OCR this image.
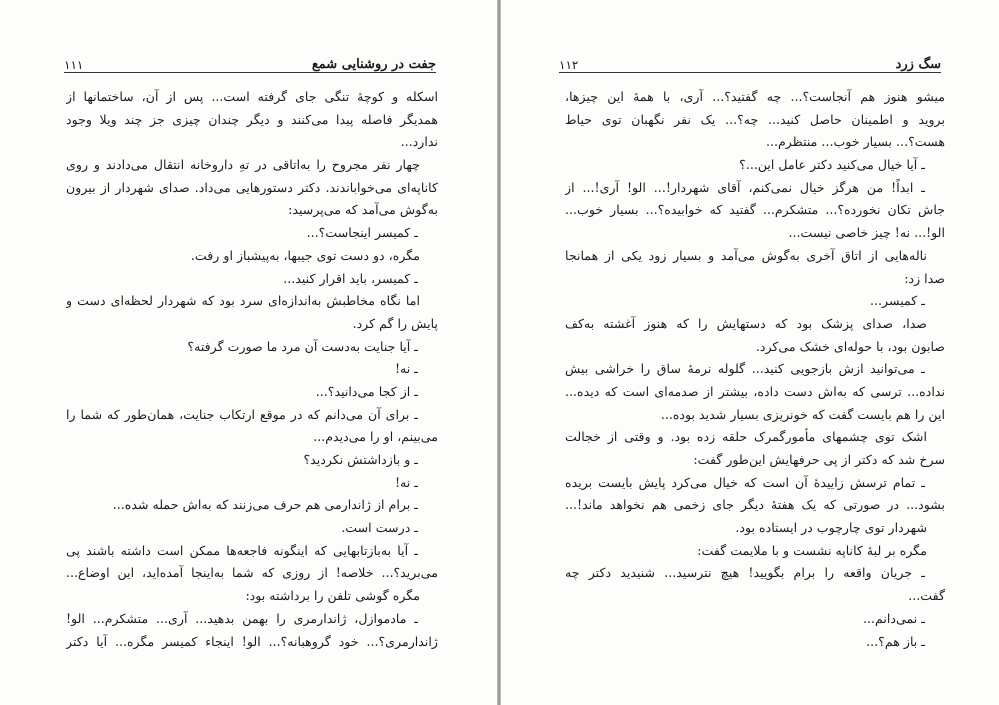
جفت در روشنایی شمع
۱۱۱
اسکله و کوچهٔ تنگی جای گرفته است... پس از آن، ساختمانها از
همدیگر فاصله پیدا می‌کنند و دیگر چندان چیزی جز چند ویلا وجود
ندارد...
چهار نفر مجروح را به‌اتاقی در تهِ داروخانه انتقال می‌دادند و روی
کاناپه‌ای می‌خواباندند. دکتر دستورهایی می‌داد. صدای شهردار از بیرون
به‌گوش می‌آمد که می‌پرسید:
ـ کمیسر اینجاست؟...
مگره، دو دست توی جیبها، به‌پیشباز او رفت.
ـ کمیسر، باید اقرار کنید...
اما نگاه مخاطبش به‌اندازه‌ای سرد بود که شهردار لحظه‌ای دست و
پایش را گم کرد.
ـ آیا جنایت به‌دست آن مرد ما صورت گرفته؟
ـ نه!
ـ از کجا می‌دانید؟...
ـ برای آن می‌دانم که در موقع ارتکاب جنایت، همان‌طور که شما را
می‌بینم، او را می‌دیدم...
ـ و بازداشتش نکردید؟
ـ نه!
ـ برام از ژاندارمی هم حرف می‌زنند که به‌اش حمله شده...
ـ درست است.
ـ آیا به‌بازتابهایی که اینگونه فاجعه‌ها ممکن است داشته باشند پی
می‌برید؟... خلاصه! از روزی که شما به‌اینجا آمده‌اید، این اوضاع...
مگره گوشی تلفن را برداشته بود:
ـ مادموازل، ژاندارمری را بهمن بدهید... آری... متشکرم... الو!
ژاندارمری؟... خود گروهبانه؟... الو! اینجاء کمیسر مگره... آیا دکتر
سگ زرد
۱۱۲
میشو هنوز هم آنجاست؟... چه گفتید؟... آری، با همهٔ این چیزها،
بروید و اطمینان حاصل کنید... چه؟... یک نفر نگهبان توی حیاط
هست؟... بسیار خوب... منتظرم...
ـ آیا خیال می‌کنید دکتر عامل این...؟
ـ ابداً! من هرگز خیال نمی‌کنم، آقای شهردار!... الو! آری!... از
جاش تکان نخورده؟... متشکرم... گفتید که خوابیده؟... بسیار خوب...
الو!... نه! چیز خاصی نیست...
ناله‌هایی از اتاق آخری به‌گوش می‌آمد و بسیار زود یکی از همانجا
صدا زد:
ـ کمیسر...
صدا، صدای پزشک بود که دستهایش را که هنوز آغشته به‌کف
صابون بود، با حوله‌ای خشک می‌کرد.
ـ می‌توانید ازش بازجویی کنید... گلوله نرمهٔ ساق را خراشی بیش
نداده... ترسی که به‌اش دست داده، بیشتر از صدمه‌ای است که دیده...
این را هم بایست گفت که خونریزی بسیار شدید بوده...
اشک توی چشمهای مأمورگمرک حلقه زده بود. و وقتی از خجالت
سرخ شد که دکتر از پی حرفهایش این‌طور گفت:
ـ تمام ترسش زاییدهٔ آن است که خیال می‌کرد پایش بایست بریده
بشود... در صورتی که یک هفتهٔ دیگر جای زخمی هم نخواهد ماند!...
شهردار توی چارچوب در ایستاده بود.
مگره بر لبهٔ کاناپه نشست و با ملایمت گفت:
ـ جریان واقعه را برام بگویید! هیچ نترسید... شنیدید دکتر چه
گفت...
ـ نمی‌دانم...
ـ باز هم؟...
